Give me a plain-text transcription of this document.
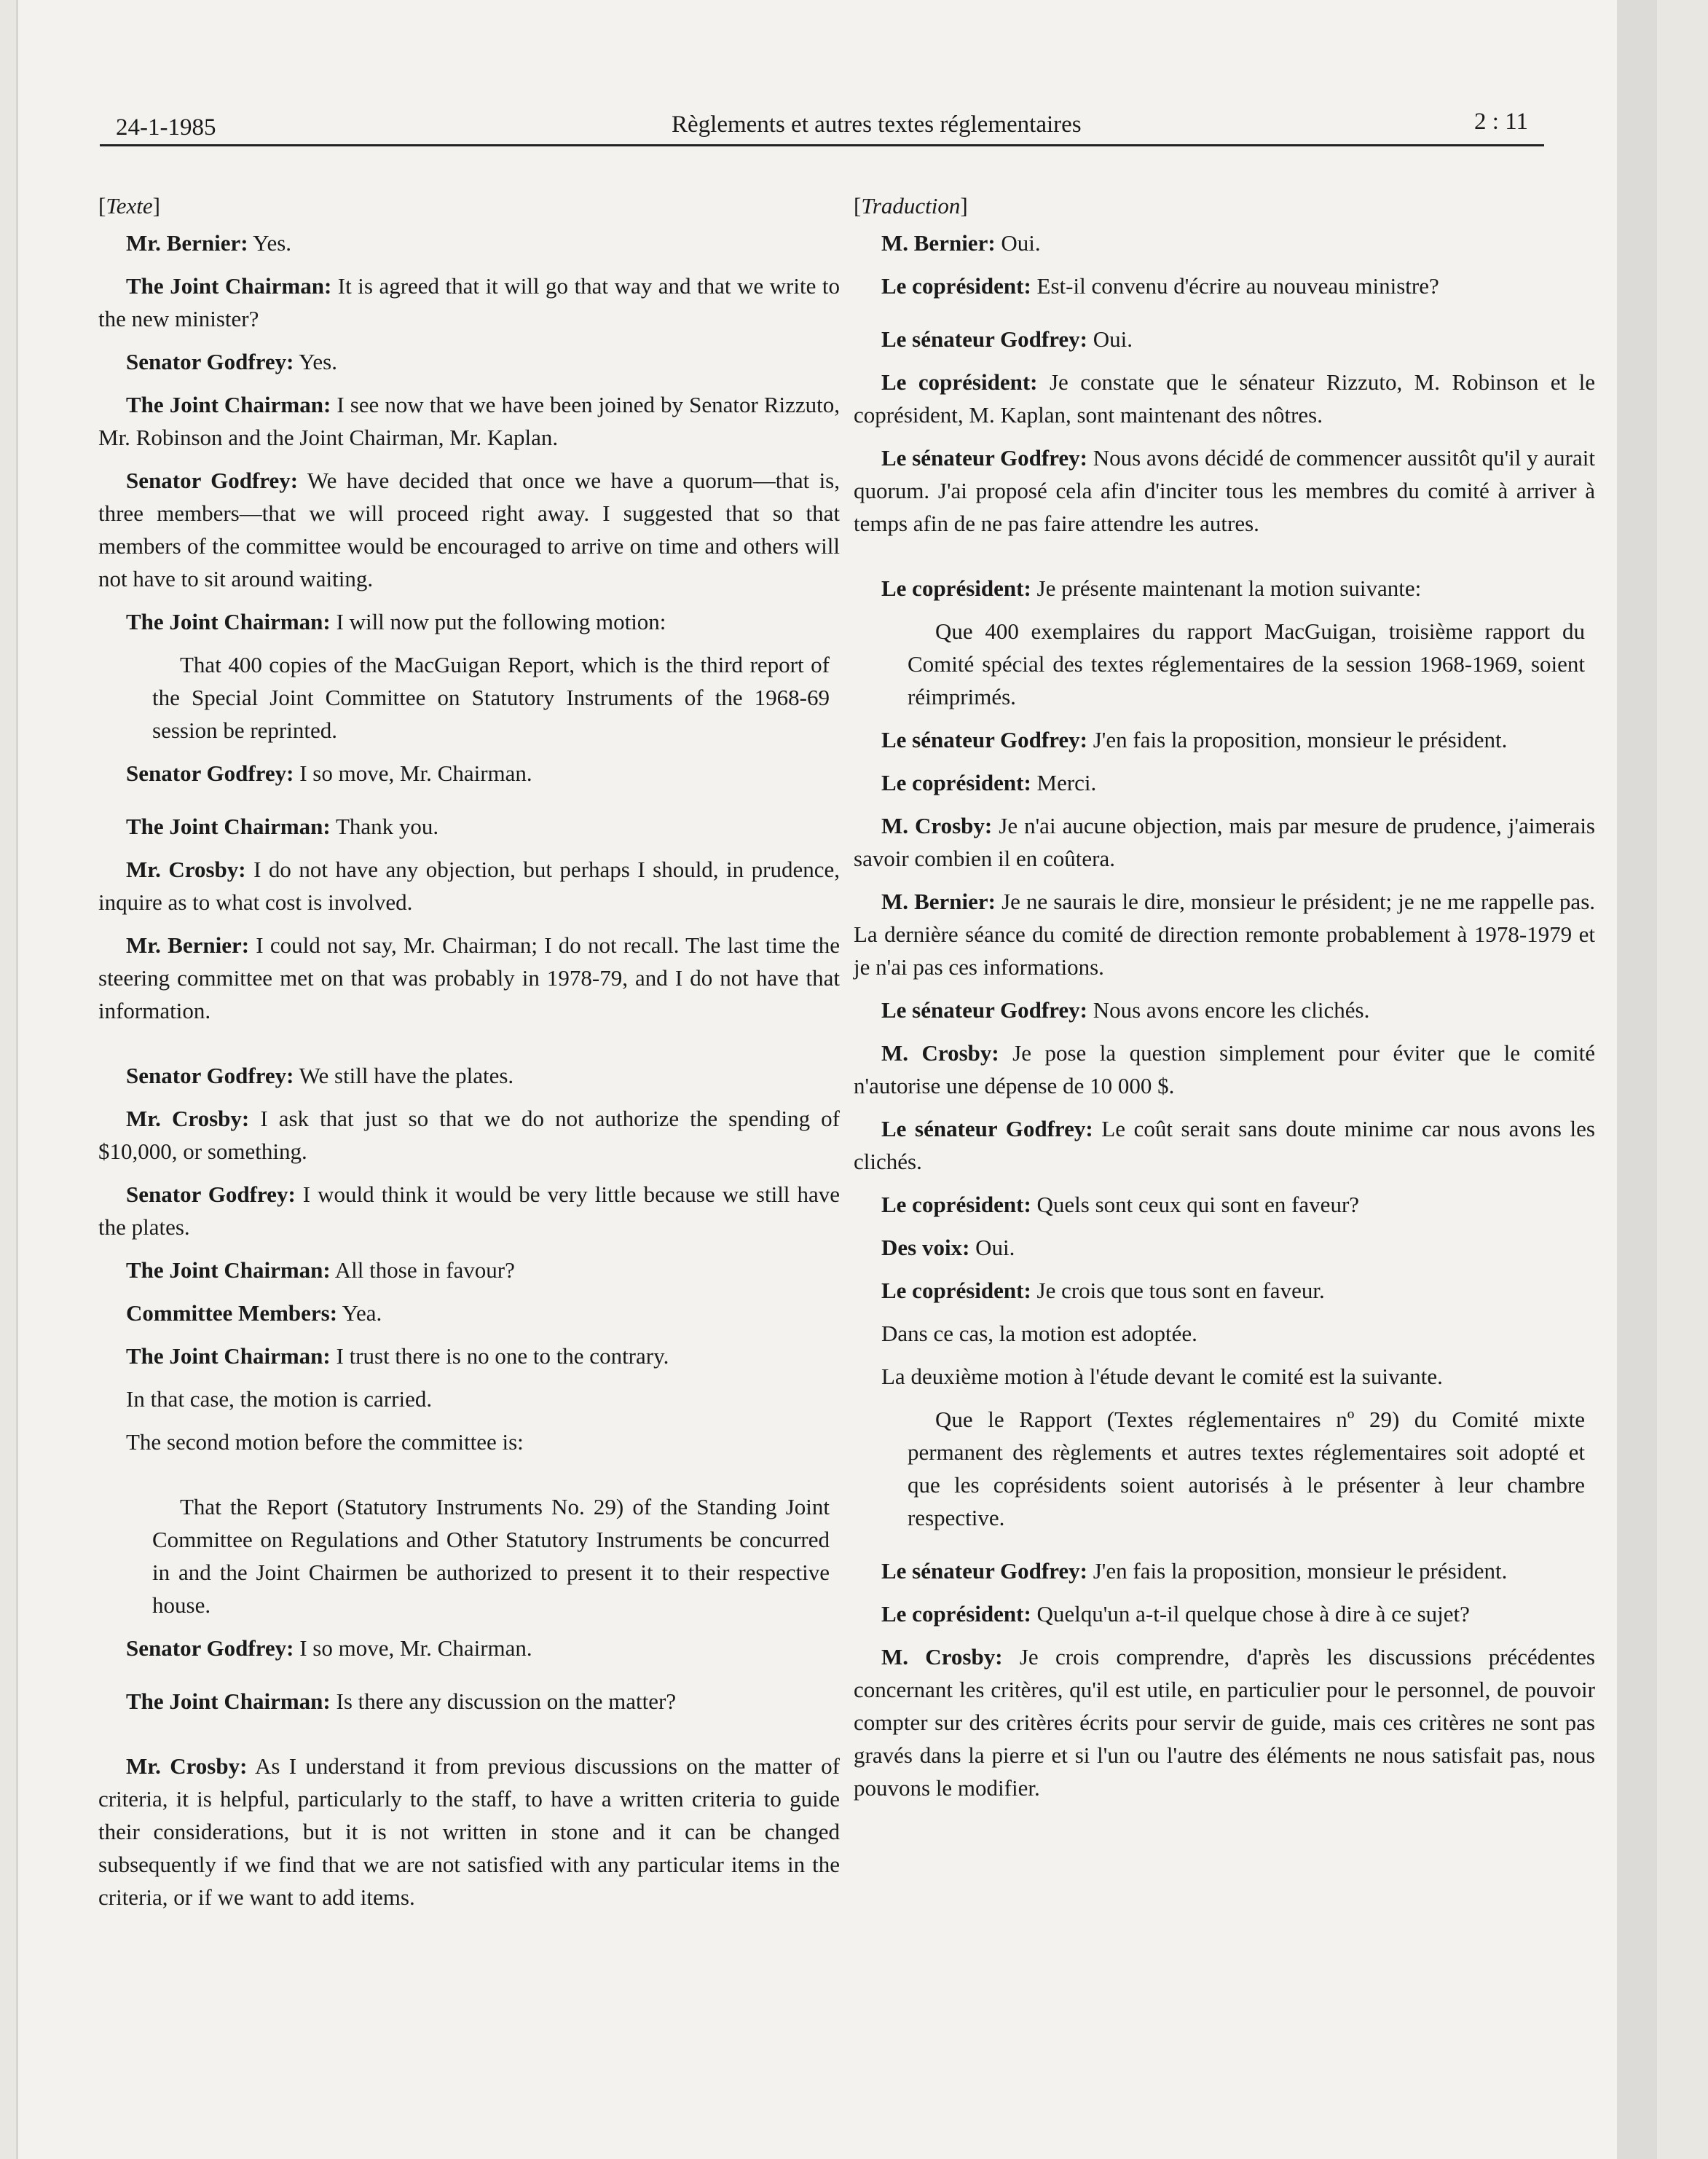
24-1-1985	Règlements et autres textes réglementaires	2 : 11
[Texte]

Mr. Bernier: Yes.

The Joint Chairman: It is agreed that it will go that way and that we write to the new minister?

Senator Godfrey: Yes.

The Joint Chairman: I see now that we have been joined by Senator Rizzuto, Mr. Robinson and the Joint Chairman, Mr. Kaplan.

Senator Godfrey: We have decided that once we have a quorum—that is, three members—that we will proceed right away. I suggested that so that members of the committee would be encouraged to arrive on time and others will not have to sit around waiting.

The Joint Chairman: I will now put the following motion:

That 400 copies of the MacGuigan Report, which is the third report of the Special Joint Committee on Statutory Instruments of the 1968-69 session be reprinted.

Senator Godfrey: I so move, Mr. Chairman.

The Joint Chairman: Thank you.

Mr. Crosby: I do not have any objection, but perhaps I should, in prudence, inquire as to what cost is involved.

Mr. Bernier: I could not say, Mr. Chairman; I do not recall. The last time the steering committee met on that was probably in 1978-79, and I do not have that information.

Senator Godfrey: We still have the plates.

Mr. Crosby: I ask that just so that we do not authorize the spending of $10,000, or something.

Senator Godfrey: I would think it would be very little because we still have the plates.

The Joint Chairman: All those in favour?

Committee Members: Yea.

The Joint Chairman: I trust there is no one to the contrary.

In that case, the motion is carried.

The second motion before the committee is:

That the Report (Statutory Instruments No. 29) of the Standing Joint Committee on Regulations and Other Statutory Instruments be concurred in and the Joint Chairmen be authorized to present it to their respective house.

Senator Godfrey: I so move, Mr. Chairman.

The Joint Chairman: Is there any discussion on the matter?

Mr. Crosby: As I understand it from previous discussions on the matter of criteria, it is helpful, particularly to the staff, to have a written criteria to guide their considerations, but it is not written in stone and it can be changed subsequently if we find that we are not satisfied with any particular items in the criteria, or if we want to add items.

[Traduction]

M. Bernier: Oui.

Le coprésident: Est-il convenu d'écrire au nouveau ministre?

Le sénateur Godfrey: Oui.

Le coprésident: Je constate que le sénateur Rizzuto, M. Robinson et le coprésident, M. Kaplan, sont maintenant des nôtres.

Le sénateur Godfrey: Nous avons décidé de commencer aussitôt qu'il y aurait quorum. J'ai proposé cela afin d'inciter tous les membres du comité à arriver à temps afin de ne pas faire attendre les autres.

Le coprésident: Je présente maintenant la motion suivante:

Que 400 exemplaires du rapport MacGuigan, troisième rapport du Comité spécial des textes réglementaires de la session 1968-1969, soient réimprimés.

Le sénateur Godfrey: J'en fais la proposition, monsieur le président.

Le coprésident: Merci.

M. Crosby: Je n'ai aucune objection, mais par mesure de prudence, j'aimerais savoir combien il en coûtera.

M. Bernier: Je ne saurais le dire, monsieur le président; je ne me rappelle pas. La dernière séance du comité de direction remonte probablement à 1978-1979 et je n'ai pas ces informations.

Le sénateur Godfrey: Nous avons encore les clichés.

M. Crosby: Je pose la question simplement pour éviter que le comité n'autorise une dépense de 10 000 $.

Le sénateur Godfrey: Le coût serait sans doute minime car nous avons les clichés.

Le coprésident: Quels sont ceux qui sont en faveur?

Des voix: Oui.

Le coprésident: Je crois que tous sont en faveur.

Dans ce cas, la motion est adoptée.

La deuxième motion à l'étude devant le comité est la suivante.

Que le Rapport (Textes réglementaires nº 29) du Comité mixte permanent des règlements et autres textes réglementaires soit adopté et que les coprésidents soient autorisés à le présenter à leur chambre respective.

Le sénateur Godfrey: J'en fais la proposition, monsieur le président.

Le coprésident: Quelqu'un a-t-il quelque chose à dire à ce sujet?

M. Crosby: Je crois comprendre, d'après les discussions précédentes concernant les critères, qu'il est utile, en particulier pour le personnel, de pouvoir compter sur des critères écrits pour servir de guide, mais ces critères ne sont pas gravés dans la pierre et si l'un ou l'autre des éléments ne nous satisfait pas, nous pouvons le modifier.
